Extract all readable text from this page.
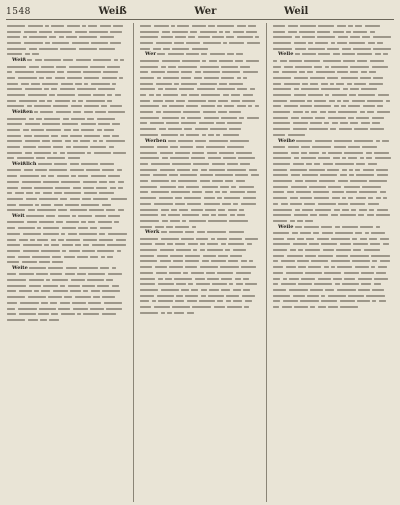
1548	Weiß	Wer	Weil
Weiß
Weißen
Weißlich
Weit
Weite
Wer
Werben
Werk
Welle
Weihe
Weile
